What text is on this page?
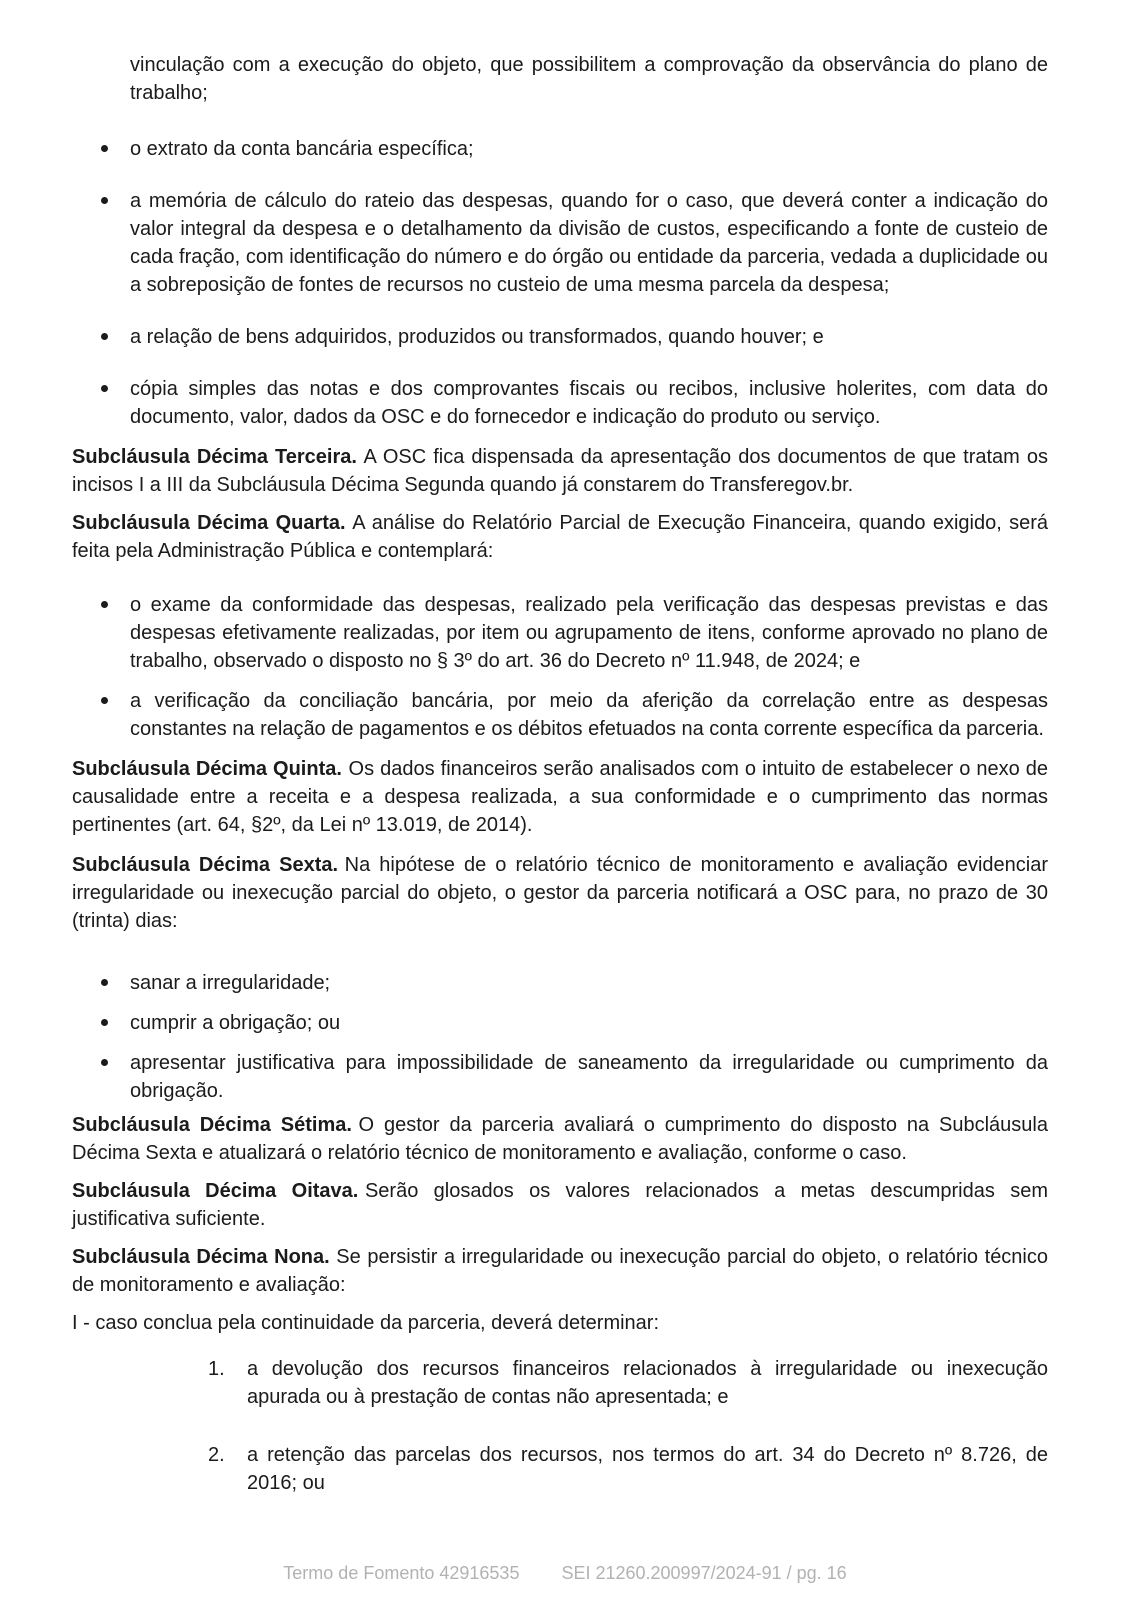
vinculação com a execução do objeto, que possibilitem a comprovação da observância do plano de trabalho;

o extrato da conta bancária específica;
a memória de cálculo do rateio das despesas, quando for o caso, que deverá conter a indicação do valor integral da despesa e o detalhamento da divisão de custos, especificando a fonte de custeio de cada fração, com identificação do número e do órgão ou entidade da parceria, vedada a duplicidade ou a sobreposição de fontes de recursos no custeio de uma mesma parcela da despesa;
a relação de bens adquiridos, produzidos ou transformados, quando houver; e
cópia simples das notas e dos comprovantes fiscais ou recibos, inclusive holerites, com data do documento, valor, dados da OSC e do fornecedor e indicação do produto ou serviço.

Subcláusula Décima Terceira. A OSC fica dispensada da apresentação dos documentos de que tratam os incisos I a III da Subcláusula Décima Segunda quando já constarem do Transferegov.br.

Subcláusula Décima Quarta. A análise do Relatório Parcial de Execução Financeira, quando exigido, será feita pela Administração Pública e contemplará:

o exame da conformidade das despesas, realizado pela verificação das despesas previstas e das despesas efetivamente realizadas, por item ou agrupamento de itens, conforme aprovado no plano de trabalho, observado o disposto no § 3º do art. 36 do Decreto nº 11.948, de 2024; e
a verificação da conciliação bancária, por meio da aferição da correlação entre as despesas constantes na relação de pagamentos e os débitos efetuados na conta corrente específica da parceria.

Subcláusula Décima Quinta. Os dados financeiros serão analisados com o intuito de estabelecer o nexo de causalidade entre a receita e a despesa realizada, a sua conformidade e o cumprimento das normas pertinentes (art. 64, §2º, da Lei nº 13.019, de 2014).

Subcláusula Décima Sexta. Na hipótese de o relatório técnico de monitoramento e avaliação evidenciar irregularidade ou inexecução parcial do objeto, o gestor da parceria notificará a OSC para, no prazo de 30 (trinta) dias:

sanar a irregularidade;
cumprir a obrigação; ou
apresentar justificativa para impossibilidade de saneamento da irregularidade ou cumprimento da obrigação.

Subcláusula Décima Sétima. O gestor da parceria avaliará o cumprimento do disposto na Subcláusula Décima Sexta e atualizará o relatório técnico de monitoramento e avaliação, conforme o caso.

Subcláusula Décima Oitava. Serão glosados os valores relacionados a metas descumpridas sem justificativa suficiente.

Subcláusula Décima Nona. Se persistir a irregularidade ou inexecução parcial do objeto, o relatório técnico de monitoramento e avaliação:

I - caso conclua pela continuidade da parceria, deverá determinar:

1.	a devolução dos recursos financeiros relacionados à irregularidade ou inexecução apurada ou à prestação de contas não apresentada; e
2.	a retenção das parcelas dos recursos, nos termos do art. 34 do Decreto nº 8.726, de 2016; ou
Termo de Fomento 42916535 SEI 21260.200997/2024-91 / pg. 16
